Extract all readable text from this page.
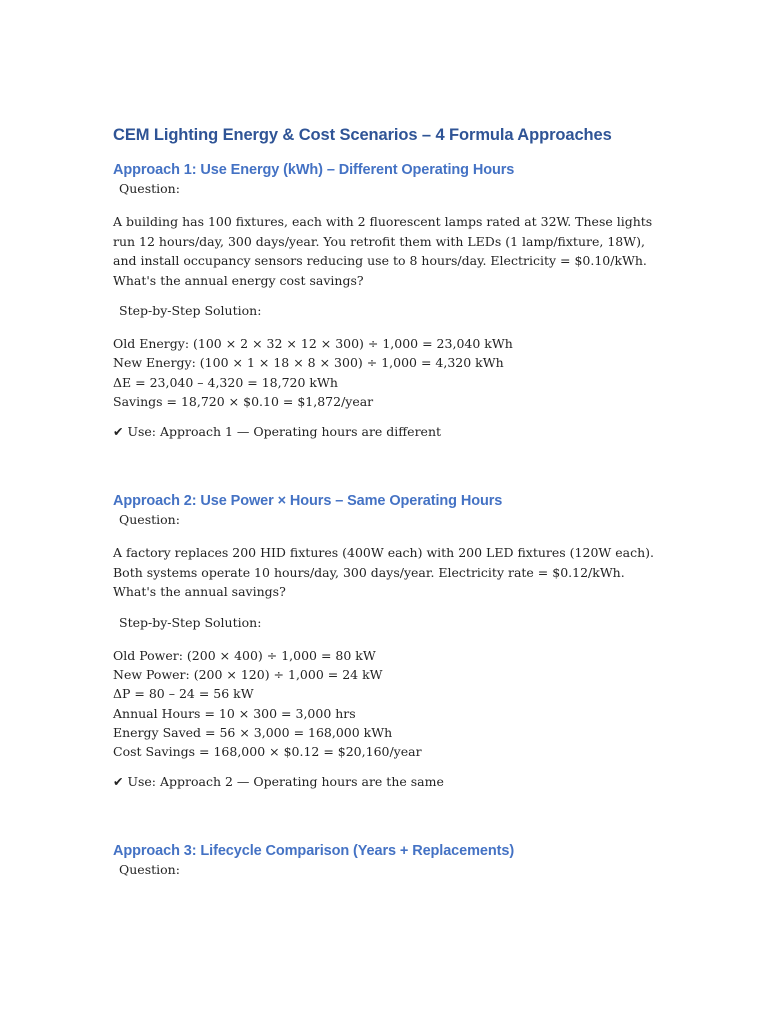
CEM Lighting Energy & Cost Scenarios – 4 Formula Approaches
Approach 1: Use Energy (kWh) – Different Operating Hours

Question:

A building has 100 fixtures, each with 2 fluorescent lamps rated at 32W. These lights run 12 hours/day, 300 days/year. You retrofit them with LEDs (1 lamp/fixture, 18W), and install occupancy sensors reducing use to 8 hours/day. Electricity = $0.10/kWh. What's the annual energy cost savings?

Step-by-Step Solution:

Old Energy: (100 × 2 × 32 × 12 × 300) ÷ 1,000 = 23,040 kWh
New Energy: (100 × 1 × 18 × 8 × 300) ÷ 1,000 = 4,320 kWh
ΔE = 23,040 – 4,320 = 18,720 kWh
Savings = 18,720 × $0.10 = $1,872/year

✔ Use: Approach 1 — Operating hours are different

Approach 2: Use Power × Hours – Same Operating Hours

Question:

A factory replaces 200 HID fixtures (400W each) with 200 LED fixtures (120W each). Both systems operate 10 hours/day, 300 days/year. Electricity rate = $0.12/kWh. What's the annual savings?

Step-by-Step Solution:

Old Power: (200 × 400) ÷ 1,000 = 80 kW
New Power: (200 × 120) ÷ 1,000 = 24 kW
ΔP = 80 – 24 = 56 kW
Annual Hours = 10 × 300 = 3,000 hrs
Energy Saved = 56 × 3,000 = 168,000 kWh
Cost Savings = 168,000 × $0.12 = $20,160/year

✔ Use: Approach 2 — Operating hours are the same

Approach 3: Lifecycle Comparison (Years + Replacements)

Question:
